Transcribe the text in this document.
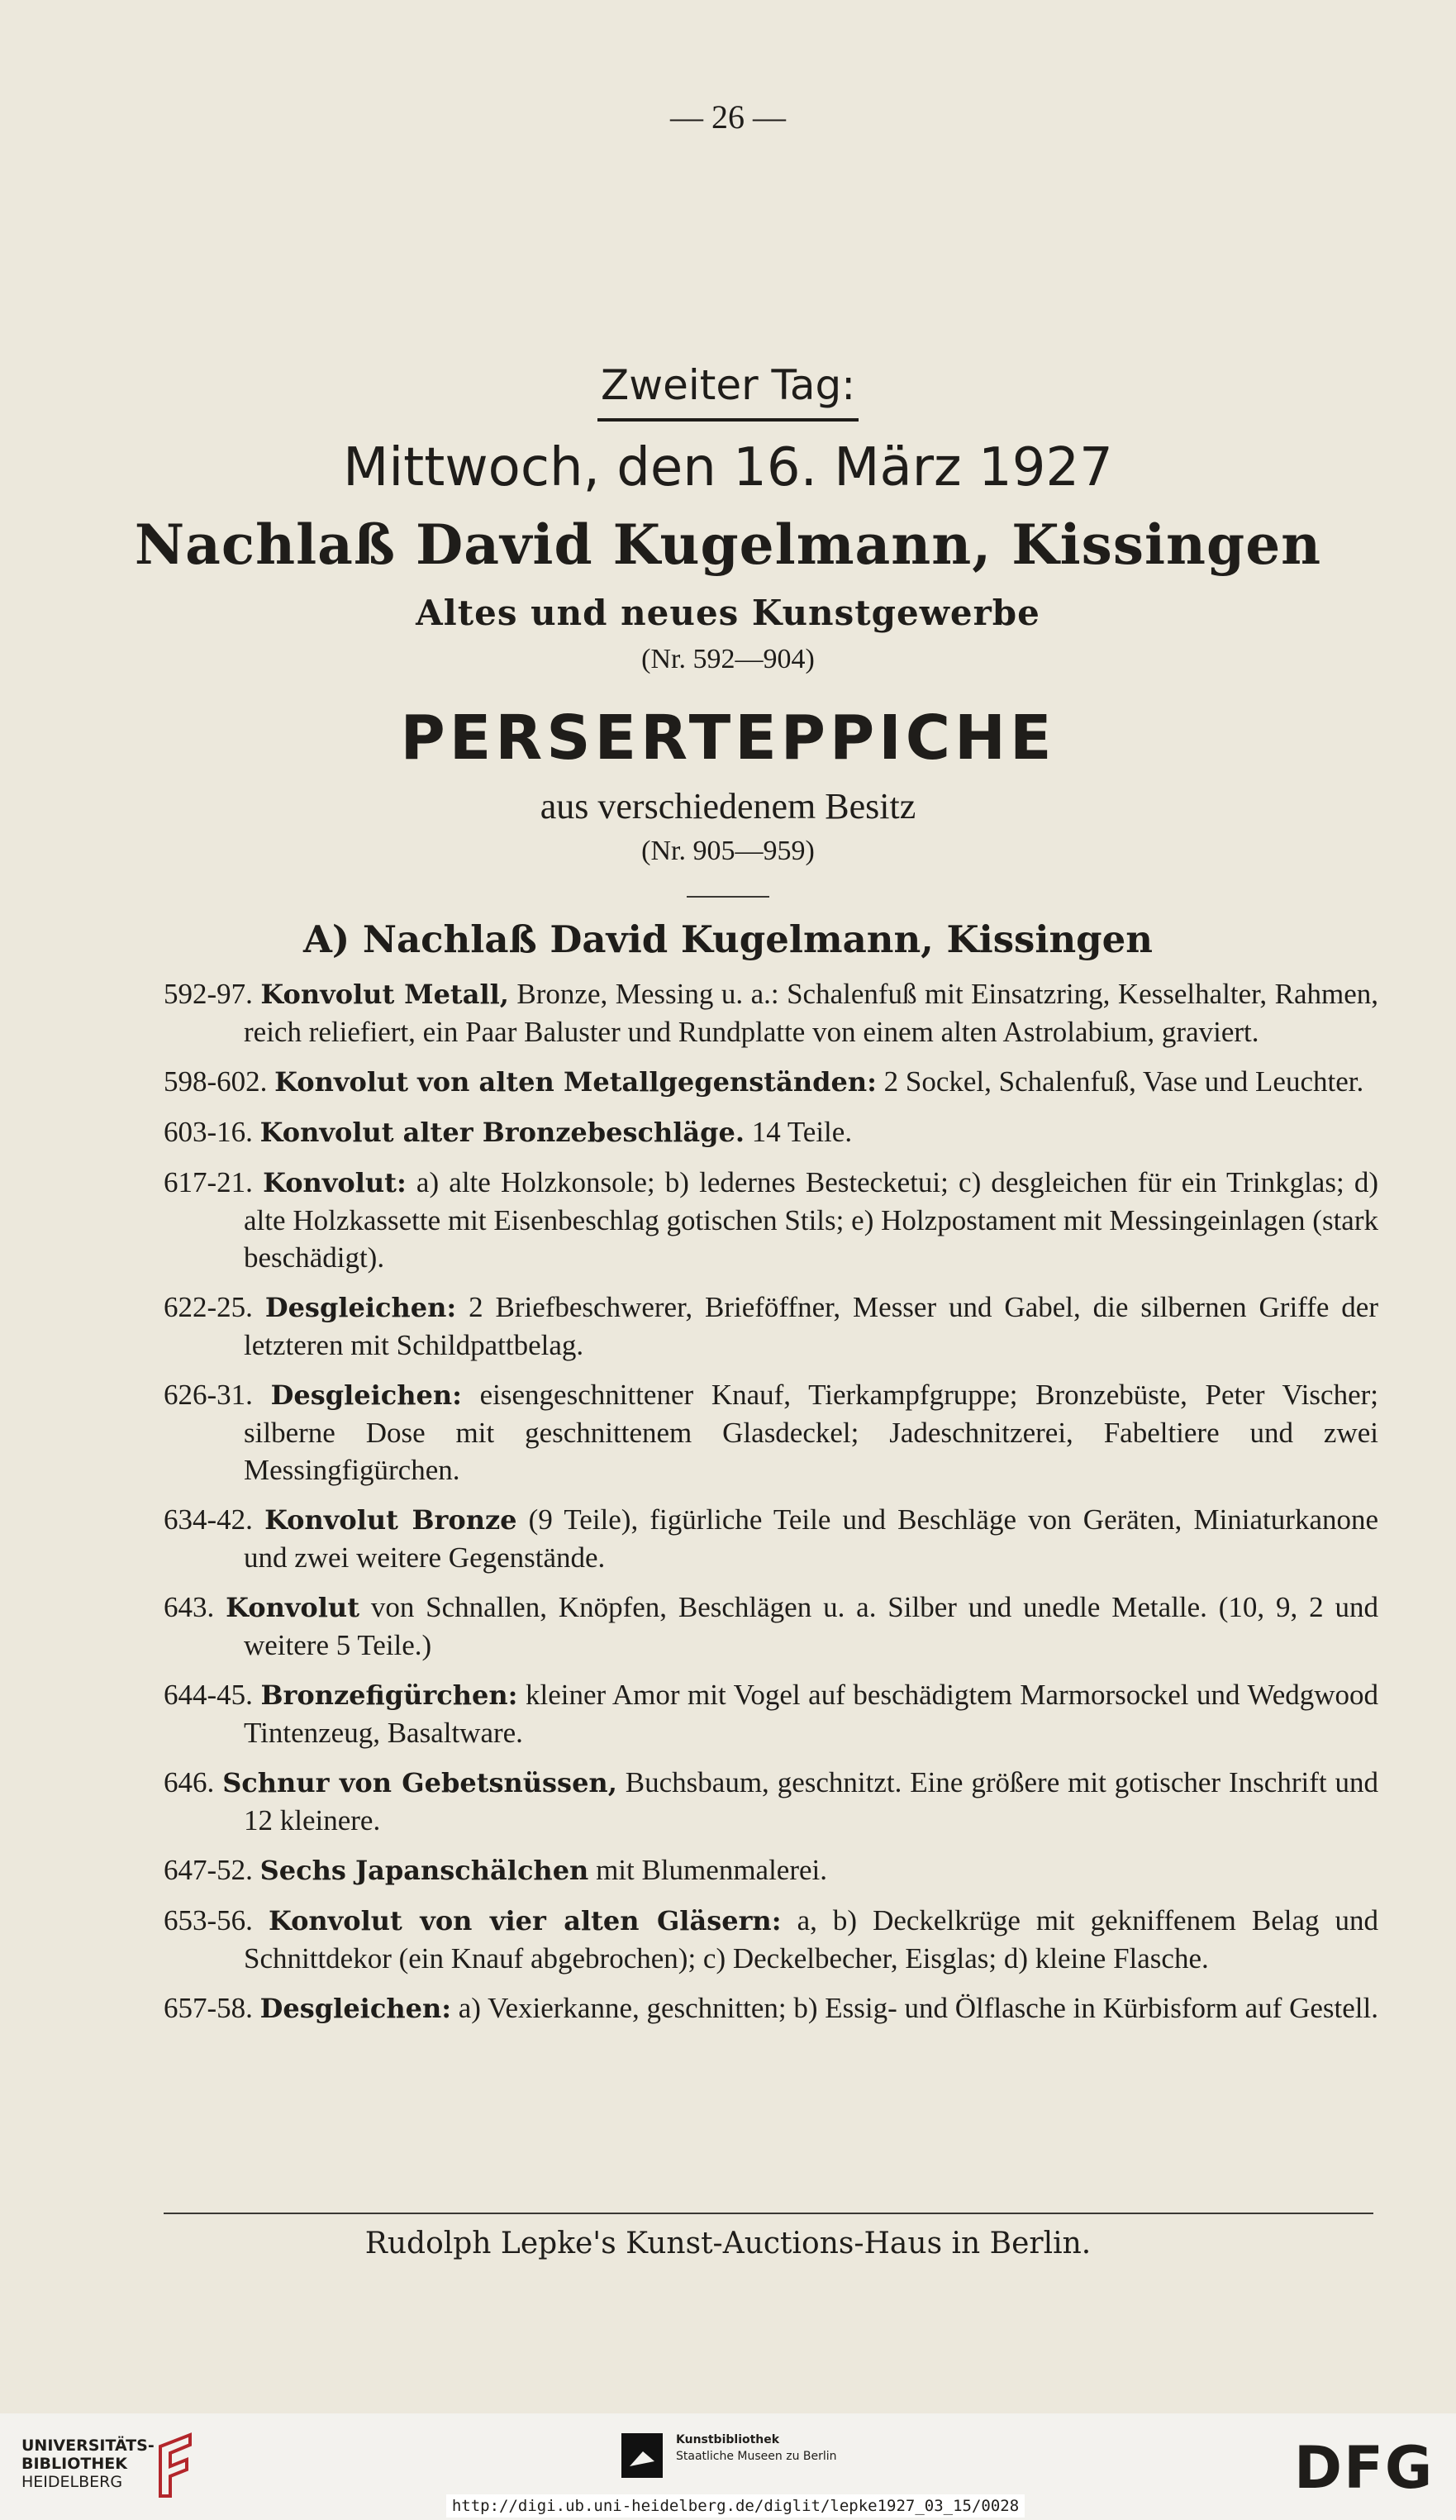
— 26 —
Zweiter Tag:
Mittwoch, den 16. März 1927
Nachlaß David Kugelmann, Kissingen
Altes und neues Kunstgewerbe
(Nr. 592—904)
PERSERTEPPICHE
aus verschiedenem Besitz
(Nr. 905—959)
A) Nachlaß David Kugelmann, Kissingen
592-97. Konvolut Metall, Bronze, Messing u. a.: Schalenfuß mit Einsatzring, Kesselhalter, Rahmen, reich reliefiert, ein Paar Baluster und Rundplatte von einem alten Astrolabium, graviert.
598-602. Konvolut von alten Metallgegenständen: 2 Sockel, Schalenfuß, Vase und Leuchter.
603-16. Konvolut alter Bronzebeschläge. 14 Teile.
617-21. Konvolut: a) alte Holzkonsole; b) ledernes Bestecketui; c) desgleichen für ein Trinkglas; d) alte Holzkassette mit Eisenbeschlag gotischen Stils; e) Holzpostament mit Messingeinlagen (stark beschädigt).
622-25. Desgleichen: 2 Briefbeschwerer, Brieföffner, Messer und Gabel, die silbernen Griffe der letzteren mit Schildpattbelag.
626-31. Desgleichen: eisengeschnittener Knauf, Tierkampfgruppe; Bronzebüste, Peter Vischer; silberne Dose mit geschnittenem Glasdeckel; Jadeschnitzerei, Fabeltiere und zwei Messingfigürchen.
634-42. Konvolut Bronze (9 Teile), figürliche Teile und Beschläge von Geräten, Miniaturkanone und zwei weitere Gegenstände.
643. Konvolut von Schnallen, Knöpfen, Beschlägen u. a. Silber und unedle Metalle. (10, 9, 2 und weitere 5 Teile.)
644-45. Bronzefigürchen: kleiner Amor mit Vogel auf beschädigtem Marmorsockel und Wedgwood Tintenzeug, Basaltware.
646. Schnur von Gebetsnüssen, Buchsbaum, geschnitzt. Eine größere mit gotischer Inschrift und 12 kleinere.
647-52. Sechs Japanschälchen mit Blumenmalerei.
653-56. Konvolut von vier alten Gläsern: a, b) Deckelkrüge mit gekniffenem Belag und Schnittdekor (ein Knauf abgebrochen); c) Deckelbecher, Eisglas; d) kleine Flasche.
657-58. Desgleichen: a) Vexierkanne, geschnitten; b) Essig- und Ölflasche in Kürbisform auf Gestell.
Rudolph Lepke's Kunst-Auctions-Haus in Berlin.
UNIVERSITÄTS-
BIBLIOTHEK
HEIDELBERG
Kunstbibliothek
Staatliche Museen zu Berlin	DFG
http://digi.ub.uni-heidelberg.de/diglit/lepke1927_03_15/0028
